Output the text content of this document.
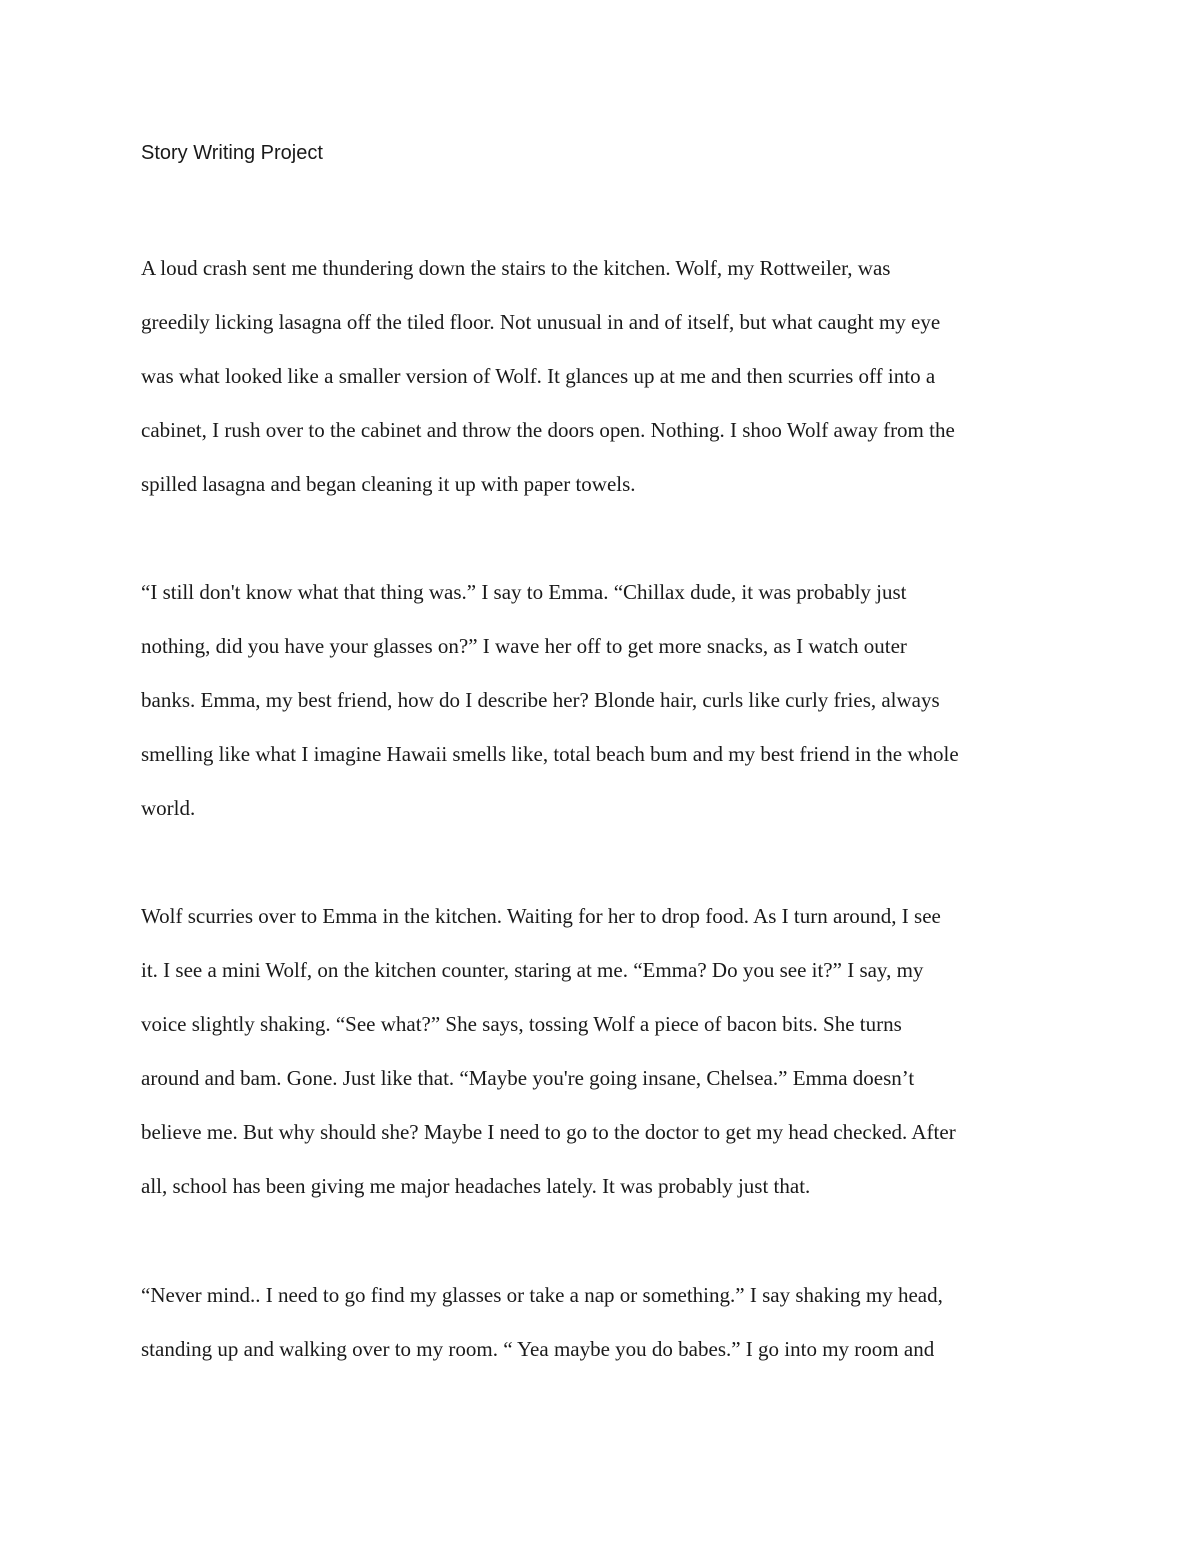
Story Writing Project
A loud crash sent me thundering down the stairs to the kitchen. Wolf, my Rottweiler, was
greedily licking lasagna off the tiled floor. Not unusual in and of itself, but what caught my eye
was what looked like a smaller version of Wolf. It glances up at me and then scurries off into a
cabinet, I rush over to the cabinet and throw the doors open. Nothing. I shoo Wolf away from the
spilled lasagna and began cleaning it up with paper towels.
“I still don't know what that thing was.” I say to Emma. “Chillax dude, it was probably just
nothing, did you have your glasses on?” I wave her off to get more snacks, as I watch outer
banks. Emma, my best friend, how do I describe her? Blonde hair, curls like curly fries, always
smelling like what I imagine Hawaii smells like, total beach bum and my best friend in the whole
world.
Wolf scurries over to Emma in the kitchen. Waiting for her to drop food. As I turn around, I see
it. I see a mini Wolf, on the kitchen counter, staring at me. “Emma? Do you see it?” I say, my
voice slightly shaking. “See what?” She says, tossing Wolf a piece of bacon bits. She turns
around and bam. Gone. Just like that. “Maybe you're going insane, Chelsea.” Emma doesn’t
believe me. But why should she? Maybe I need to go to the doctor to get my head checked. After
all, school has been giving me major headaches lately. It was probably just that.
“Never mind.. I need to go find my glasses or take a nap or something.” I say shaking my head,
standing up and walking over to my room. “ Yea maybe you do babes.” I go into my room and
